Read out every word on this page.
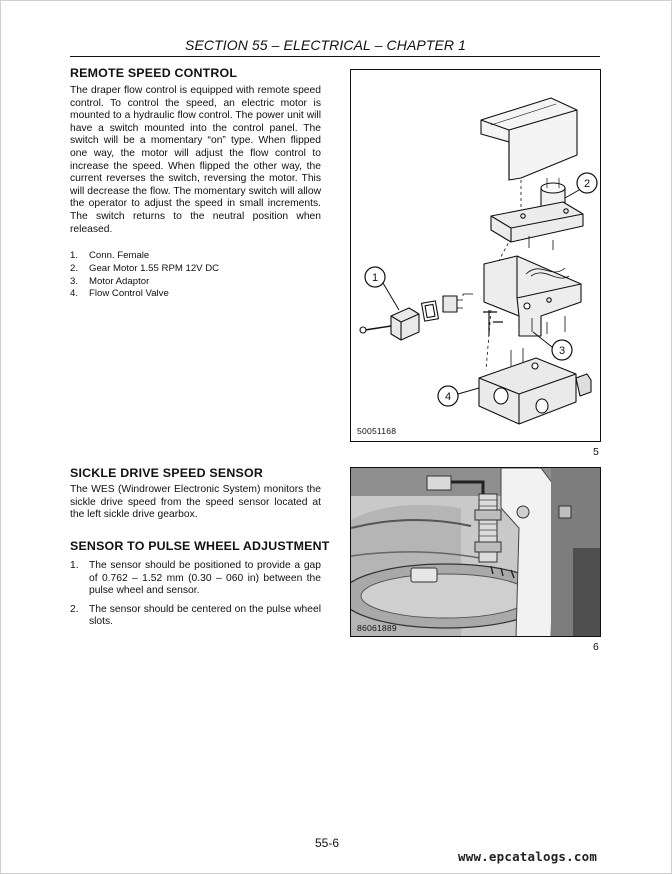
SECTION 55 – ELECTRICAL – CHAPTER 1
REMOTE SPEED CONTROL

The draper flow control is equipped with remote speed control. To control the speed, an electric motor is mounted to a hydraulic flow control. The power unit will have a switch mounted into the control panel. The switch will be a momentary “on” type. When flipped one way, the motor will adjust the flow control to increase the speed. When flipped the other way, the current reverses the switch, reversing the motor. This will decrease the flow. The momentary switch will allow the operator to adjust the speed in small increments. The switch returns to the neutral position when released.

1. Conn. Female
2. Gear Motor 1.55 RPM 12V DC
3. Motor Adaptor
4. Flow Control Valve
1
2
3
4
50051168
5
SICKLE DRIVE SPEED SENSOR

The WES (Windrower Electronic System) monitors the sickle drive speed from the speed sensor located at the left sickle drive gearbox.

SENSOR TO PULSE WHEEL ADJUSTMENT
1. The sensor should be positioned to provide a gap of 0.762 – 1.52 mm (0.30 – 060 in) between the pulse wheel and sensor.
2. The sensor should be centered on the pulse wheel slots.
86061889
6
55-6
www.epcatalogs.com
